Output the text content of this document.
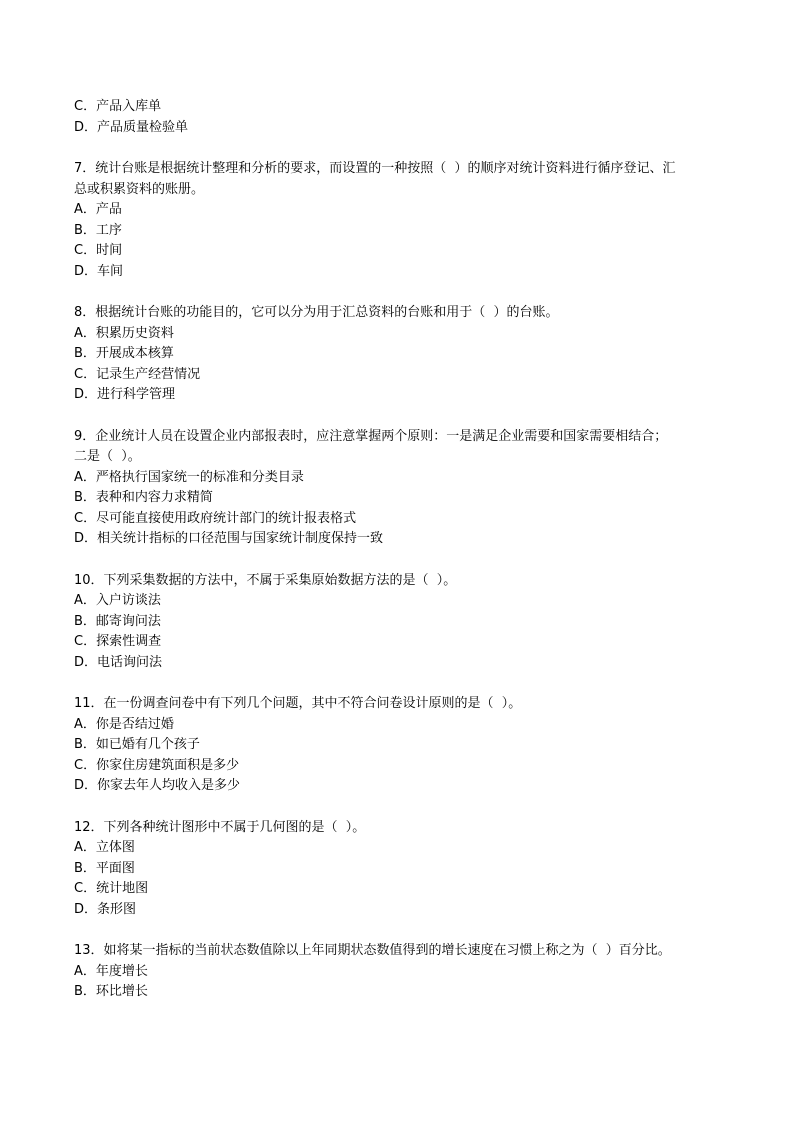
C．产品入库单

D．产品质量检验单

7．统计台账是根据统计整理和分析的要求，而设置的一种按照（  ）的顺序对统计资料进行循序登记、汇

总或积累资料的账册。

A．产品

B．工序

C．时间

D．车间

8．根据统计台账的功能目的，它可以分为用于汇总资料的台账和用于（  ）的台账。

A．积累历史资料

B．开展成本核算

C．记录生产经营情况

D．进行科学管理

9．企业统计人员在设置企业内部报表时，应注意掌握两个原则：一是满足企业需要和国家需要相结合；

二是（  ）。

A．严格执行国家统一的标准和分类目录

B．表种和内容力求精简

C．尽可能直接使用政府统计部门的统计报表格式

D．相关统计指标的口径范围与国家统计制度保持一致

10．下列采集数据的方法中，不属于采集原始数据方法的是（  ）。

A．入户访谈法

B．邮寄询问法

C．探索性调查

D．电话询问法

11．在一份调查问卷中有下列几个问题，其中不符合问卷设计原则的是（  ）。

A．你是否结过婚

B．如已婚有几个孩子

C．你家住房建筑面积是多少

D．你家去年人均收入是多少

12．下列各种统计图形中不属于几何图的是（  ）。

A．立体图

B．平面图

C．统计地图

D．条形图

13．如将某一指标的当前状态数值除以上年同期状态数值得到的增长速度在习惯上称之为（  ）百分比。

A．年度增长

B．环比增长
